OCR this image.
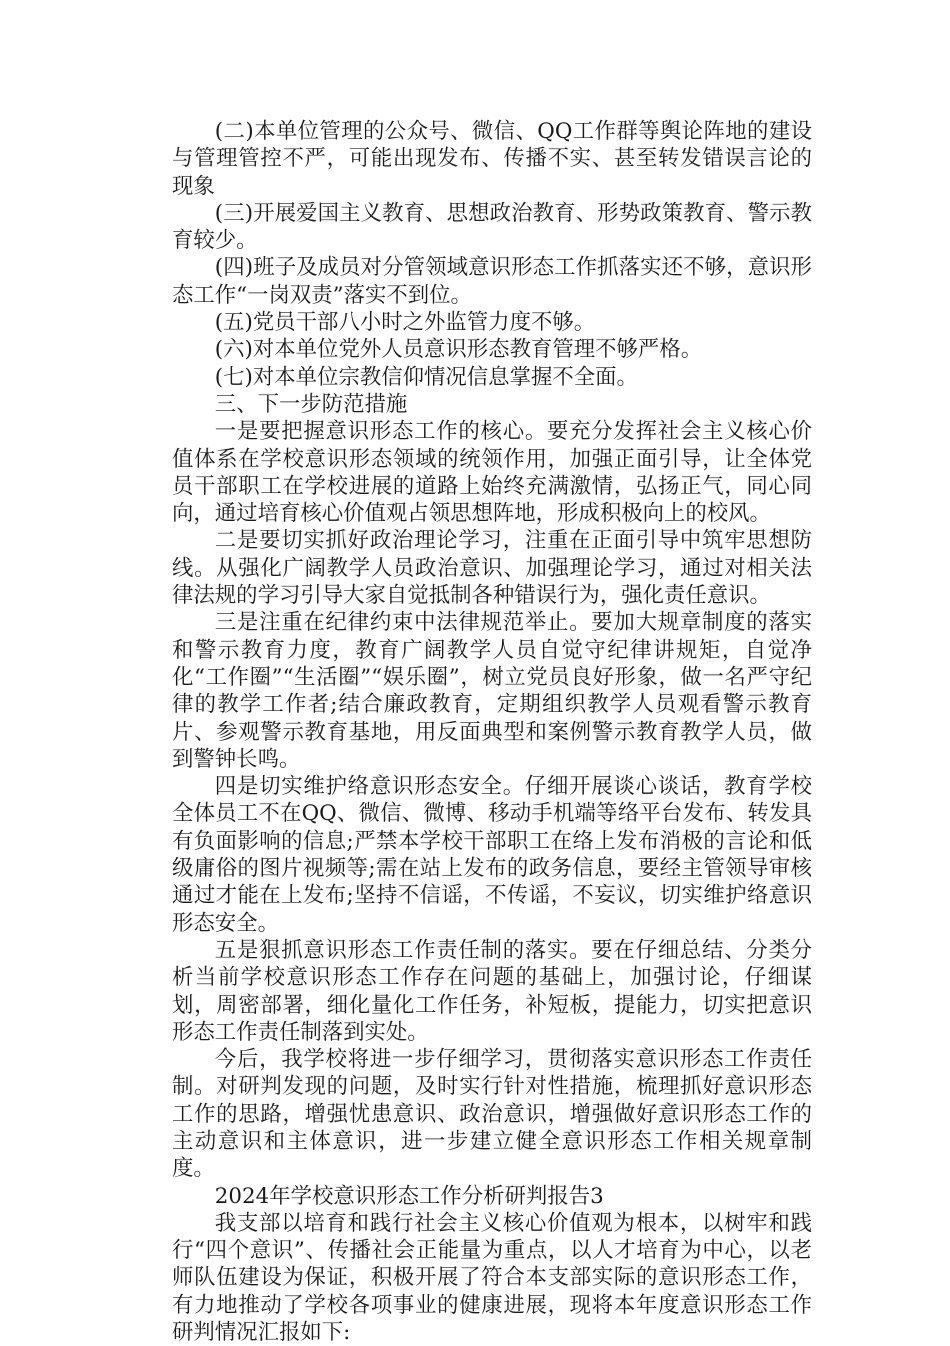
(二)本单位管理的公众号、微信、QQ工作群等舆论阵地的建设与管理管控不严，可能出现发布、传播不实、甚至转发错误言论的现象

(三)开展爱国主义教育、思想政治教育、形势政策教育、警示教育较少。

(四)班子及成员对分管领域意识形态工作抓落实还不够，意识形态工作“一岗双责”落实不到位。

(五)党员干部八小时之外监管力度不够。

(六)对本单位党外人员意识形态教育管理不够严格。

(七)对本单位宗教信仰情况信息掌握不全面。

三、下一步防范措施

一是要把握意识形态工作的核心。要充分发挥社会主义核心价值体系在学校意识形态领域的统领作用，加强正面引导，让全体党员干部职工在学校进展的道路上始终充满激情，弘扬正气，同心同向，通过培育核心价值观占领思想阵地，形成积极向上的校风。

二是要切实抓好政治理论学习，注重在正面引导中筑牢思想防线。从强化广阔教学人员政治意识、加强理论学习，通过对相关法律法规的学习引导大家自觉抵制各种错误行为，强化责任意识。

三是注重在纪律约束中法律规范举止。要加大规章制度的落实和警示教育力度，教育广阔教学人员自觉守纪律讲规矩，自觉净化“工作圈”“生活圈”“娱乐圈”，树立党员良好形象，做一名严守纪律的教学工作者;结合廉政教育，定期组织教学人员观看警示教育片、参观警示教育基地，用反面典型和案例警示教育教学人员，做到警钟长鸣。

四是切实维护络意识形态安全。仔细开展谈心谈话，教育学校全体员工不在QQ、微信、微博、移动手机端等络平台发布、转发具有负面影响的信息;严禁本学校干部职工在络上发布消极的言论和低级庸俗的图片视频等;需在站上发布的政务信息，要经主管领导审核通过才能在上发布;坚持不信谣，不传谣，不妄议，切实维护络意识形态安全。

五是狠抓意识形态工作责任制的落实。要在仔细总结、分类分析当前学校意识形态工作存在问题的基础上，加强讨论，仔细谋划，周密部署，细化量化工作任务，补短板，提能力，切实把意识形态工作责任制落到实处。

今后，我学校将进一步仔细学习，贯彻落实意识形态工作责任制。对研判发现的问题，及时实行针对性措施，梳理抓好意识形态工作的思路，增强忧患意识、政治意识，增强做好意识形态工作的主动意识和主体意识，进一步建立健全意识形态工作相关规章制度。

2024年学校意识形态工作分析研判报告3

我支部以培育和践行社会主义核心价值观为根本，以树牢和践行“四个意识”、传播社会正能量为重点，以人才培育为中心，以老师队伍建设为保证，积极开展了符合本支部实际的意识形态工作，有力地推动了学校各项事业的健康进展，现将本年度意识形态工作研判情况汇报如下:
